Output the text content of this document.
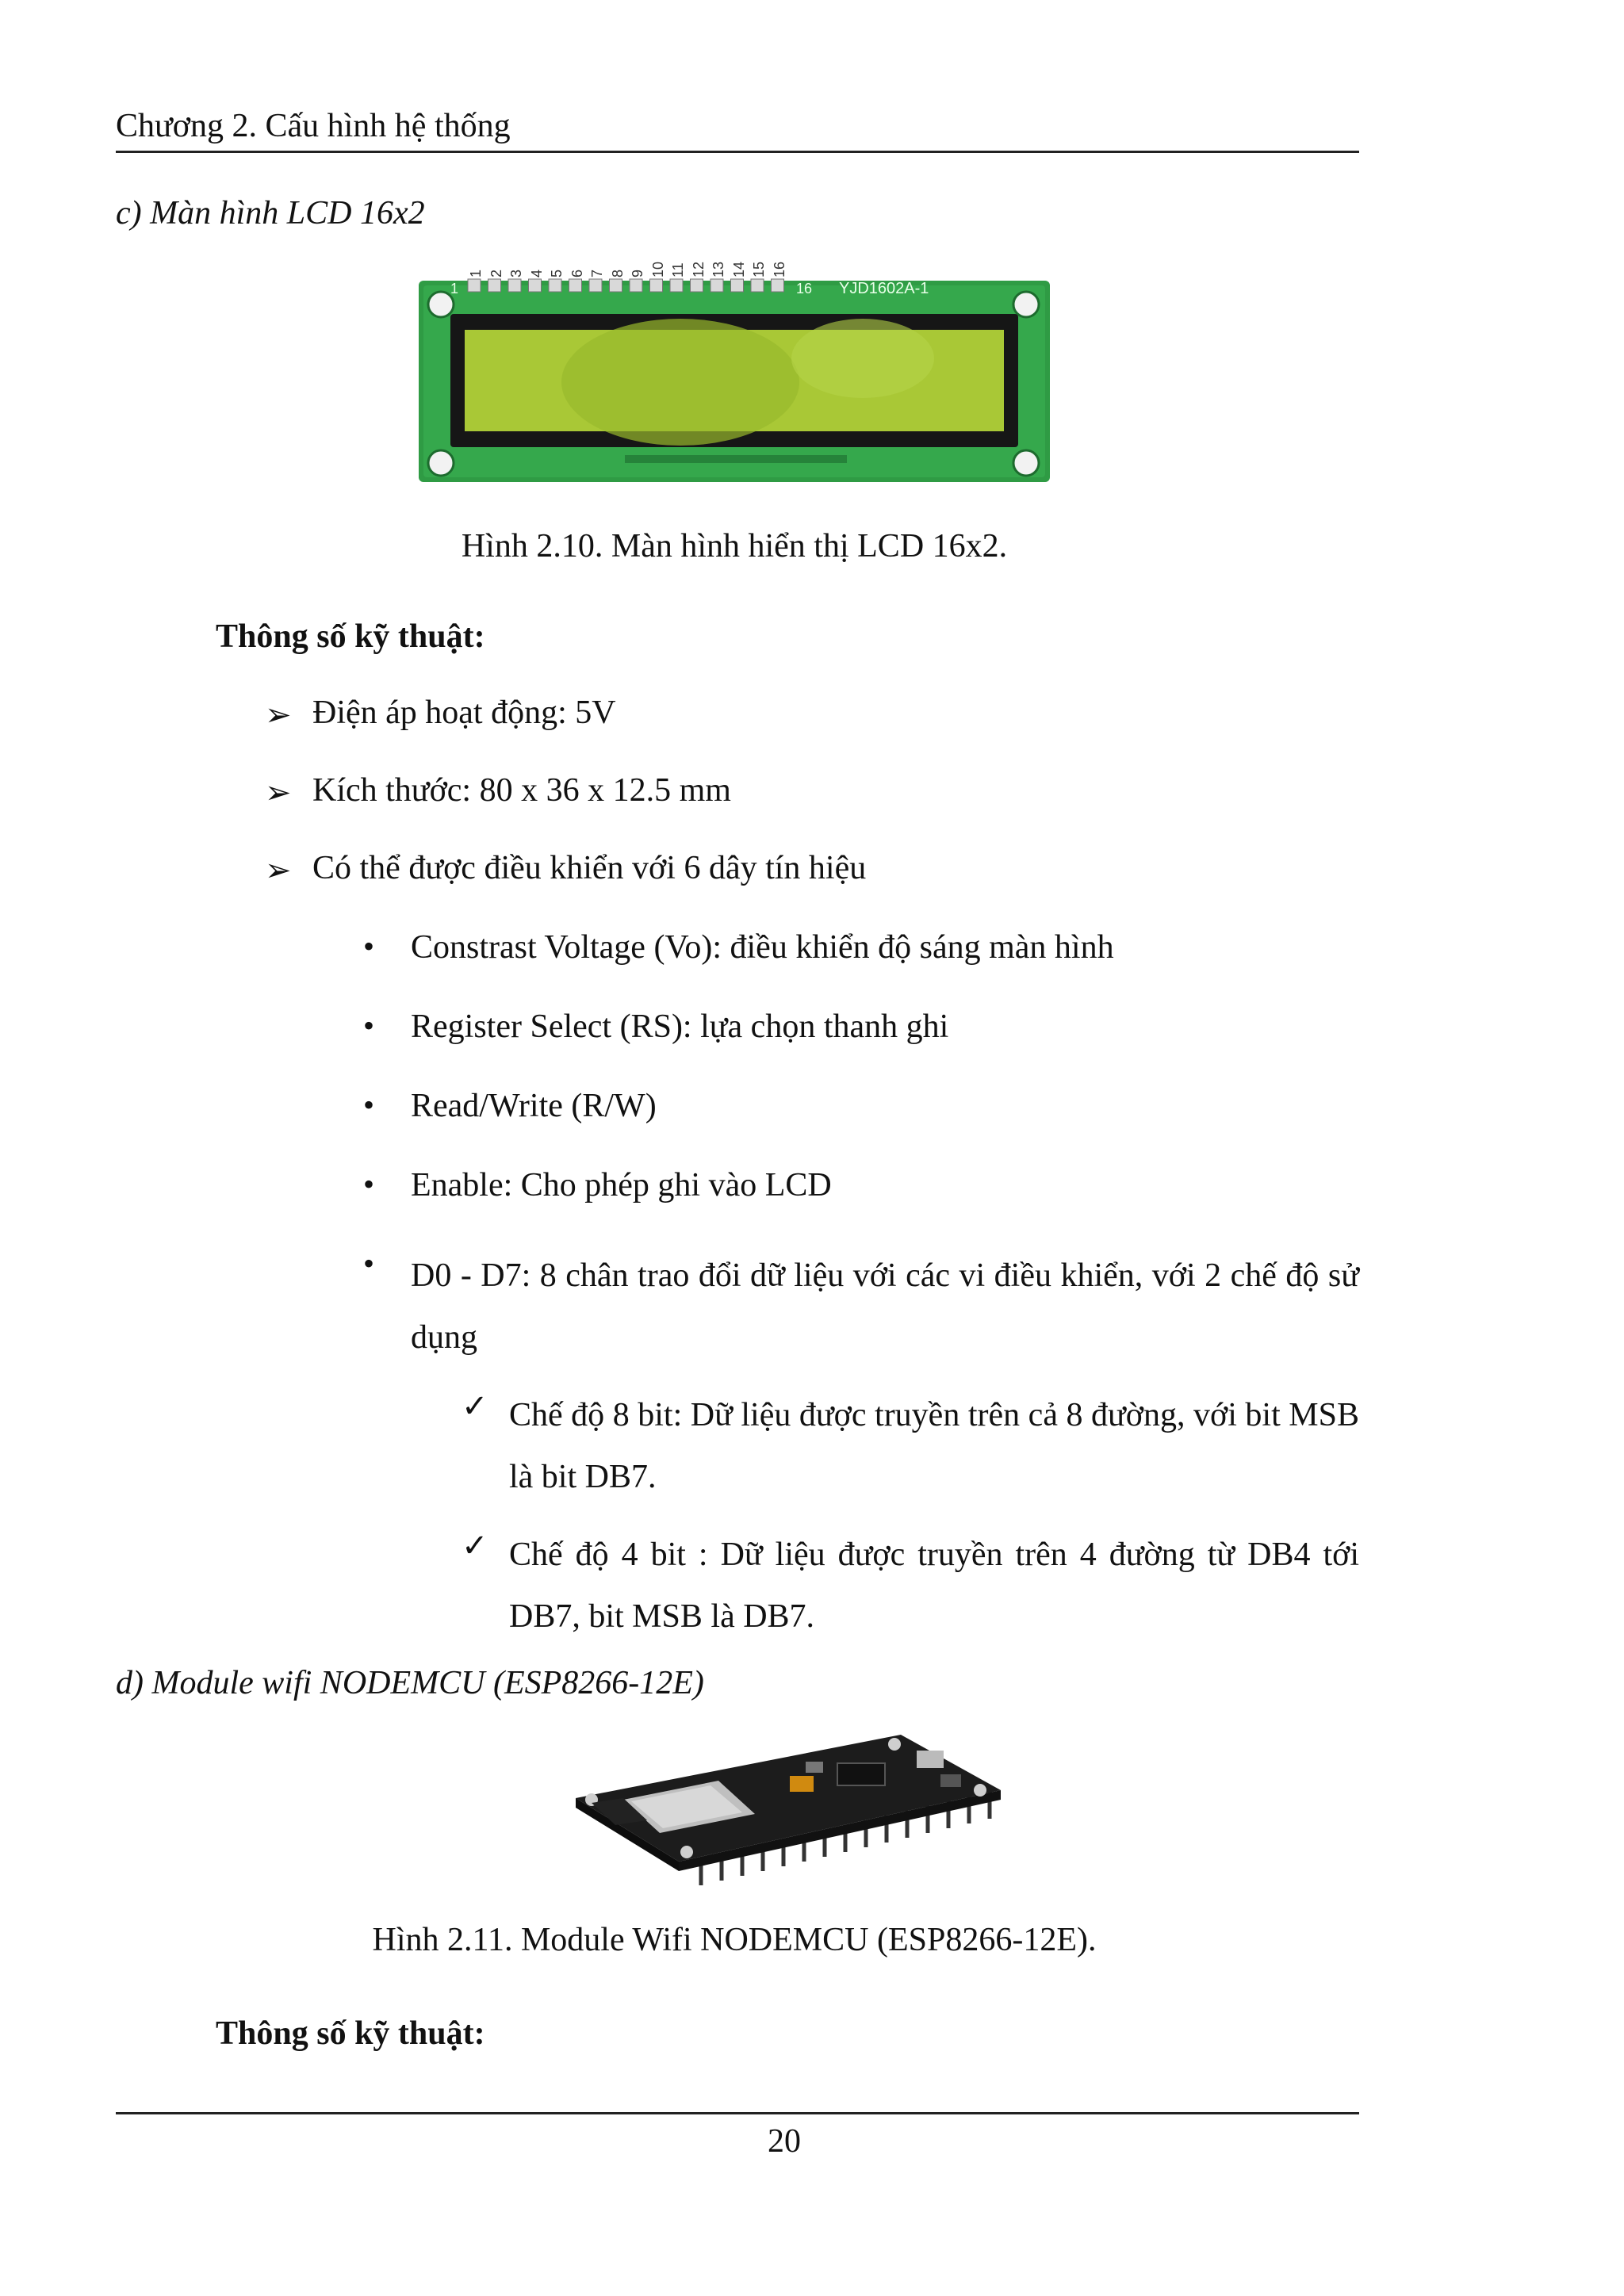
Chương 2. Cấu hình hệ thống
c) Màn hình LCD 16x2
1	16 YJD1602A-1
1 2 3 4 5 6 7 8 9 10 11 12 13 14 15 16
Hình 2.10. Màn hình hiển thị LCD 16x2.
Thông số kỹ thuật:
➢ Điện áp hoạt động: 5V
➢ Kích thước: 80 x 36 x 12.5 mm
➢ Có thể được điều khiển với 6 dây tín hiệu
• Constrast Voltage (Vo): điều khiển độ sáng màn hình
• Register Select (RS): lựa chọn thanh ghi
• Read/Write (R/W)
• Enable: Cho phép ghi vào LCD
• D0 - D7: 8 chân trao đổi dữ liệu với các vi điều khiển, với 2 chế độ sử dụng
✓ Chế độ 8 bit: Dữ liệu được truyền trên cả 8 đường, với bit MSB là bit DB7.
✓ Chế độ 4 bit : Dữ liệu được truyền trên 4 đường từ DB4 tới DB7, bit MSB là DB7.
d) Module wifi NODEMCU (ESP8266-12E)
Hình 2.11. Module Wifi NODEMCU (ESP8266-12E).
Thông số kỹ thuật:
20
